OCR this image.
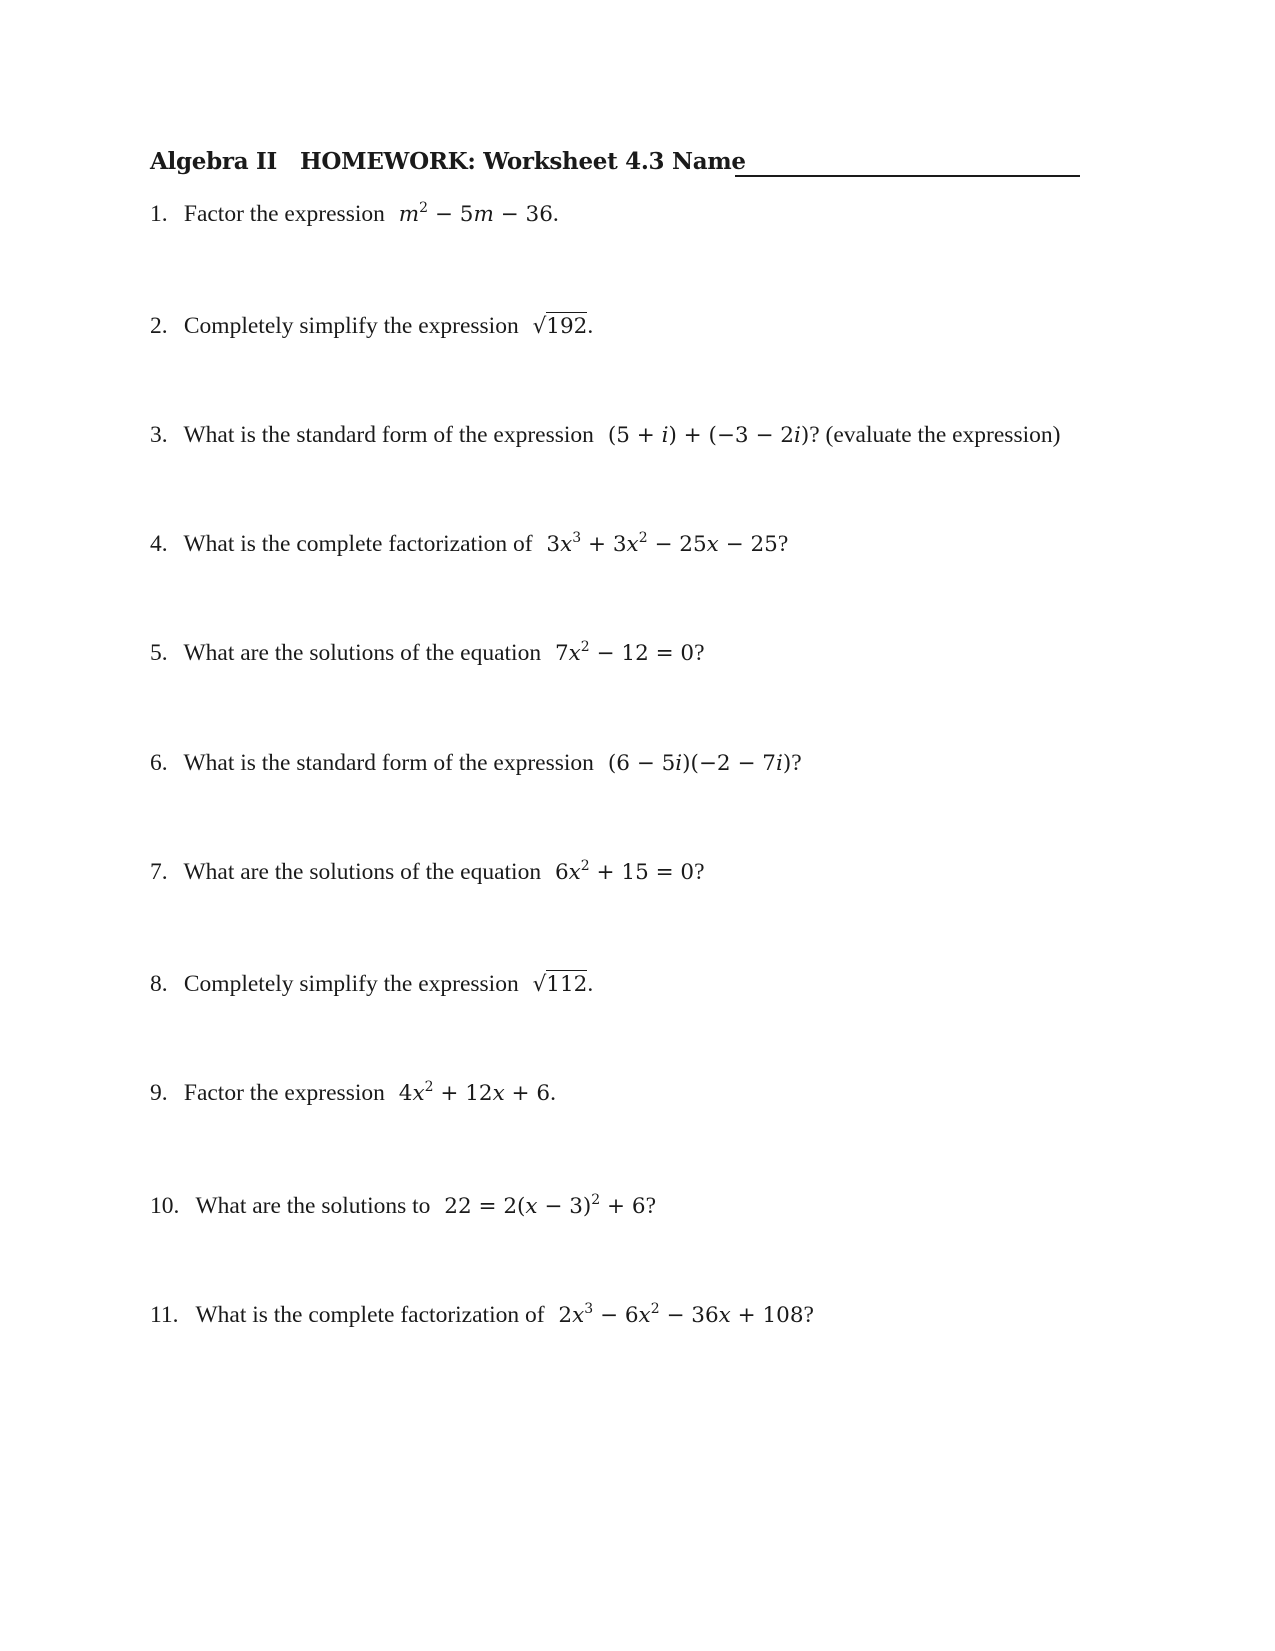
Algebra II HOMEWORK: Worksheet 4.3 Name
1. Factor the expression $m^2 - 5m - 36$.
2. Completely simplify the expression √192.
3. What is the standard form of the expression (5 + i) + (−3 − 2i)? (evaluate the expression)
4. What is the complete factorization of $3x^3 + 3x^2 - 25x - 25$?
5. What are the solutions of the equation $7x^2 - 12 = 0$?
6. What is the standard form of the expression (6 − 5i)(−2 − 7i)?
7. What are the solutions of the equation $6x^2 + 15 = 0$?
8. Completely simplify the expression √112.
9. Factor the expression $4x^2 + 12x + 6$.
10. What are the solutions to $22 = 2(x - 3)^2 + 6$?
11. What is the complete factorization of $2x^3 - 6x^2 - 36x + 108$?
